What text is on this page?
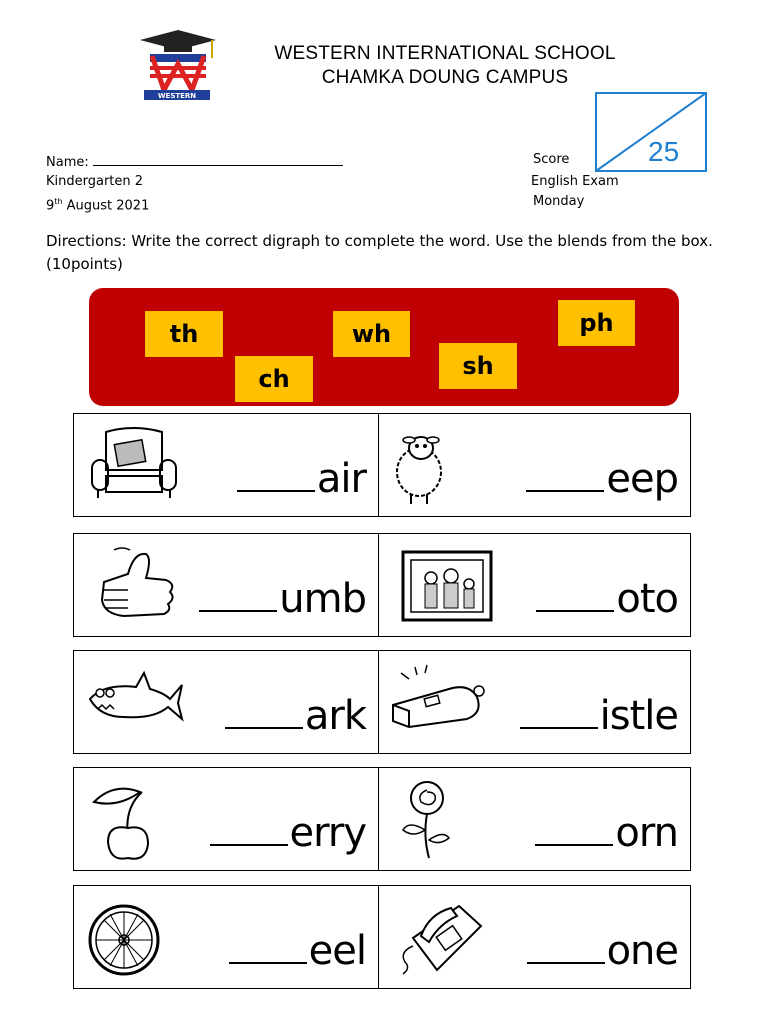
WESTERN
WESTERN INTERNATIONAL SCHOOL
CHAMKA DOUNG CAMPUS
Score	25
Name:
Kindergarten 2
9th August 2021
English Exam
Monday
Directions: Write the correct digraph to complete the word. Use the blends from the box. (10points)
th	wh	ph
ch	sh
air	eep
umb	oto
ark	istle
erry	orn
eel	one
